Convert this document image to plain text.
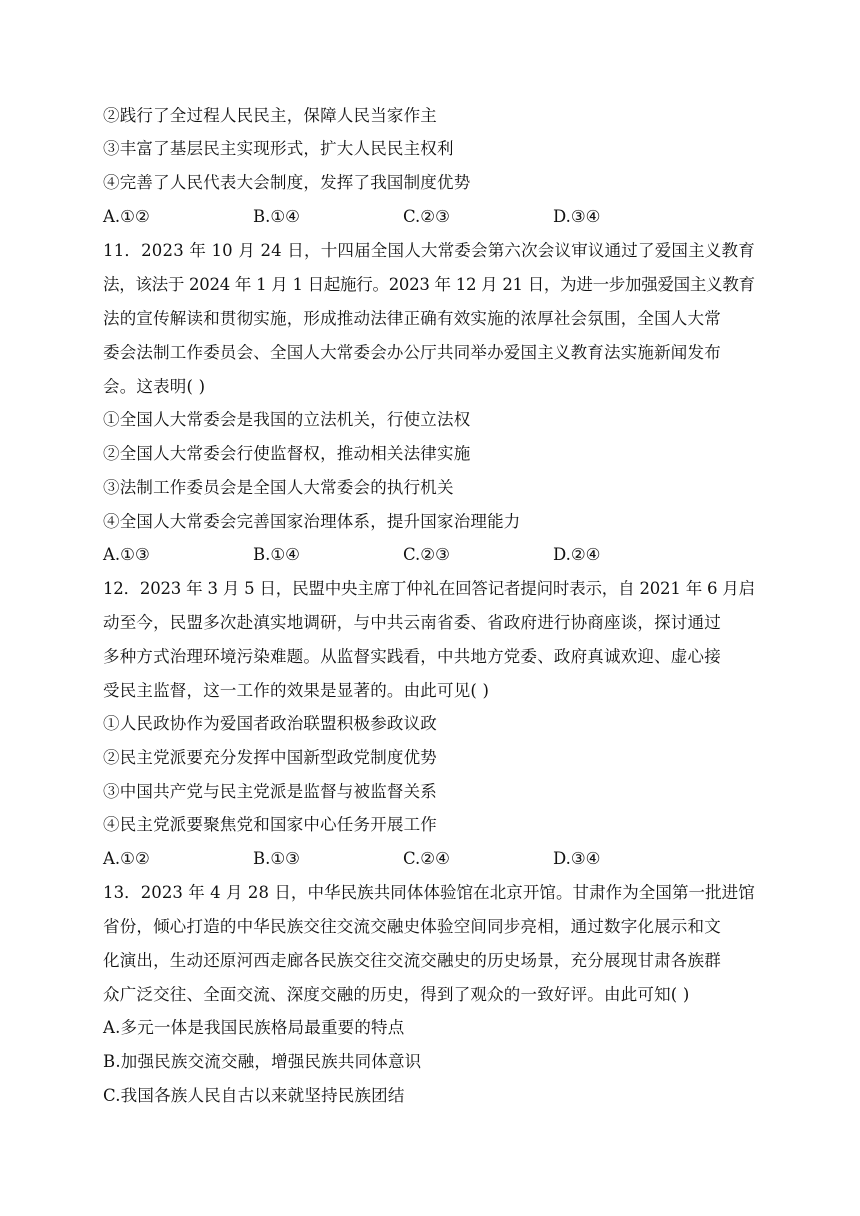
②践行了全过程人民民主，保障人民当家作主
③丰富了基层民主实现形式，扩大人民民主权利
④完善了人民代表大会制度，发挥了我国制度优势
A.①②	B.①④	C.②③	D.③④
11．2023 年 10 月 24 日，十四届全国人大常委会第六次会议审议通过了爱国主义教育
法，该法于 2024 年 1 月 1 日起施行。2023 年 12 月 21 日，为进一步加强爱国主义教育
法的宣传解读和贯彻实施，形成推动法律正确有效实施的浓厚社会氛围，全国人大常
委会法制工作委员会、全国人大常委会办公厅共同举办爱国主义教育法实施新闻发布
会。这表明( )
①全国人大常委会是我国的立法机关，行使立法权
②全国人大常委会行使监督权，推动相关法律实施
③法制工作委员会是全国人大常委会的执行机关
④全国人大常委会完善国家治理体系，提升国家治理能力
A.①③	B.①④	C.②③	D.②④
12．2023 年 3 月 5 日，民盟中央主席丁仲礼在回答记者提问时表示，自 2021 年 6 月启
动至今，民盟多次赴滇实地调研，与中共云南省委、省政府进行协商座谈，探讨通过
多种方式治理环境污染难题。从监督实践看，中共地方党委、政府真诚欢迎、虚心接
受民主监督，这一工作的效果是显著的。由此可见( )
①人民政协作为爱国者政治联盟积极参政议政
②民主党派要充分发挥中国新型政党制度优势
③中国共产党与民主党派是监督与被监督关系
④民主党派要聚焦党和国家中心任务开展工作
A.①②	B.①③	C.②④	D.③④
13．2023 年 4 月 28 日，中华民族共同体体验馆在北京开馆。甘肃作为全国第一批进馆
省份，倾心打造的中华民族交往交流交融史体验空间同步亮相，通过数字化展示和文
化演出，生动还原河西走廊各民族交往交流交融史的历史场景，充分展现甘肃各族群
众广泛交往、全面交流、深度交融的历史，得到了观众的一致好评。由此可知( )
A.多元一体是我国民族格局最重要的特点
B.加强民族交流交融，增强民族共同体意识
C.我国各族人民自古以来就坚持民族团结
